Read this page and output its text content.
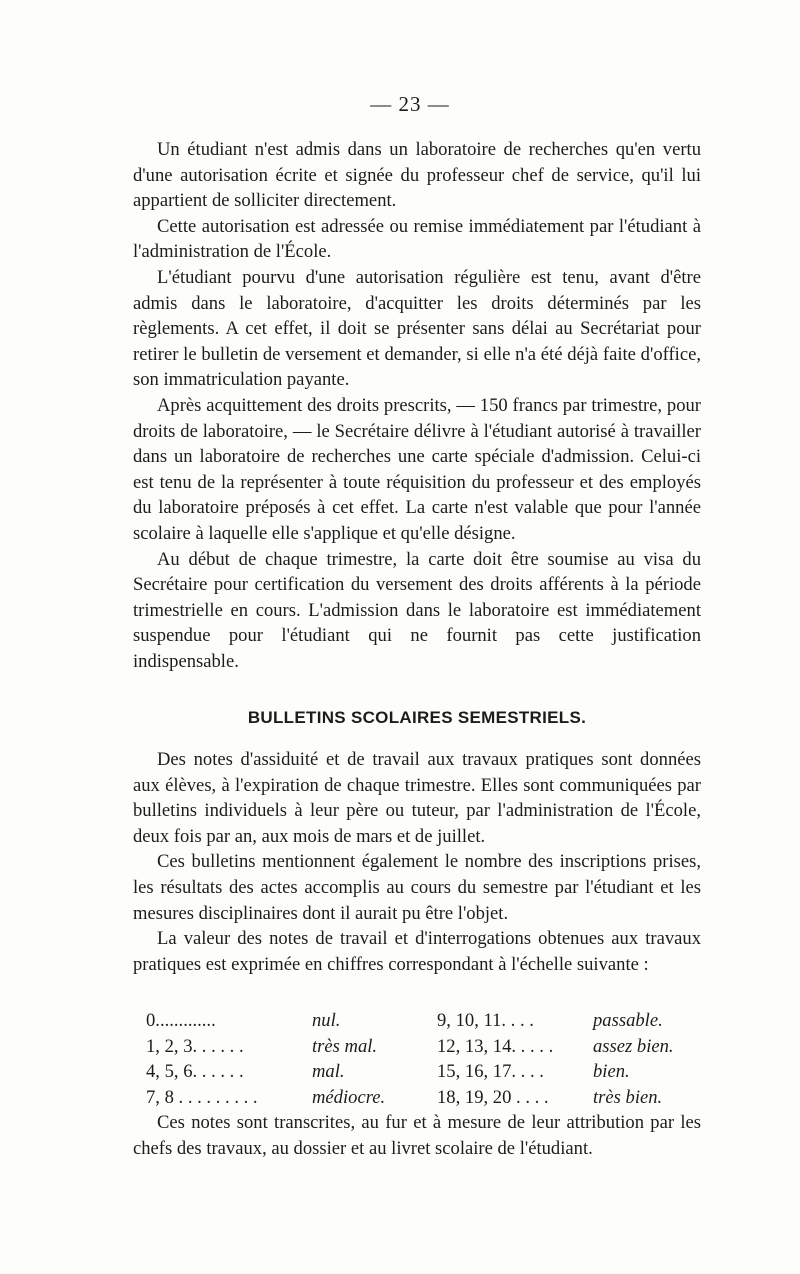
— 23 —

Un étudiant n'est admis dans un laboratoire de recherches qu'en vertu d'une autorisation écrite et signée du professeur chef de service, qu'il lui appartient de solliciter directement.

Cette autorisation est adressée ou remise immédiatement par l'étudiant à l'administration de l'École.

L'étudiant pourvu d'une autorisation régulière est tenu, avant d'être admis dans le laboratoire, d'acquitter les droits déterminés par les règlements. A cet effet, il doit se présenter sans délai au Secrétariat pour retirer le bulletin de versement et demander, si elle n'a été déjà faite d'office, son immatriculation payante.

Après acquittement des droits prescrits, — 150 francs par trimestre, pour droits de laboratoire, — le Secrétaire délivre à l'étudiant autorisé à travailler dans un laboratoire de recherches une carte spéciale d'admission. Celui-ci est tenu de la représenter à toute réquisition du professeur et des employés du laboratoire préposés à cet effet. La carte n'est valable que pour l'année scolaire à laquelle elle s'applique et qu'elle désigne.

Au début de chaque trimestre, la carte doit être soumise au visa du Secrétaire pour certification du versement des droits afférents à la période trimestrielle en cours. L'admission dans le laboratoire est immédiatement suspendue pour l'étudiant qui ne fournit pas cette justification indispensable.

BULLETINS SCOLAIRES SEMESTRIELS.

Des notes d'assiduité et de travail aux travaux pratiques sont données aux élèves, à l'expiration de chaque trimestre. Elles sont communiquées par bulletins individuels à leur père ou tuteur, par l'administration de l'École, deux fois par an, aux mois de mars et de juillet.

Ces bulletins mentionnent également le nombre des inscriptions prises, les résultats des actes accomplis au cours du semestre par l'étudiant et les mesures disciplinaires dont il aurait pu être l'objet.

La valeur des notes de travail et d'interrogations obtenues aux travaux pratiques est exprimée en chiffres correspondant à l'échelle suivante :

0.............	nul.	9, 10, 11. . . .	passable.
1, 2, 3. . . . . .	très mal.	12, 13, 14. . . . . assez bien.
4, 5, 6. . . . . .	mal.	15, 16, 17. . . .	bien.
7, 8 . . . . . . . . .	médiocre.	18, 19, 20 . . . . très bien.

Ces notes sont transcrites, au fur et à mesure de leur attribution par les chefs des travaux, au dossier et au livret scolaire de l'étudiant.
